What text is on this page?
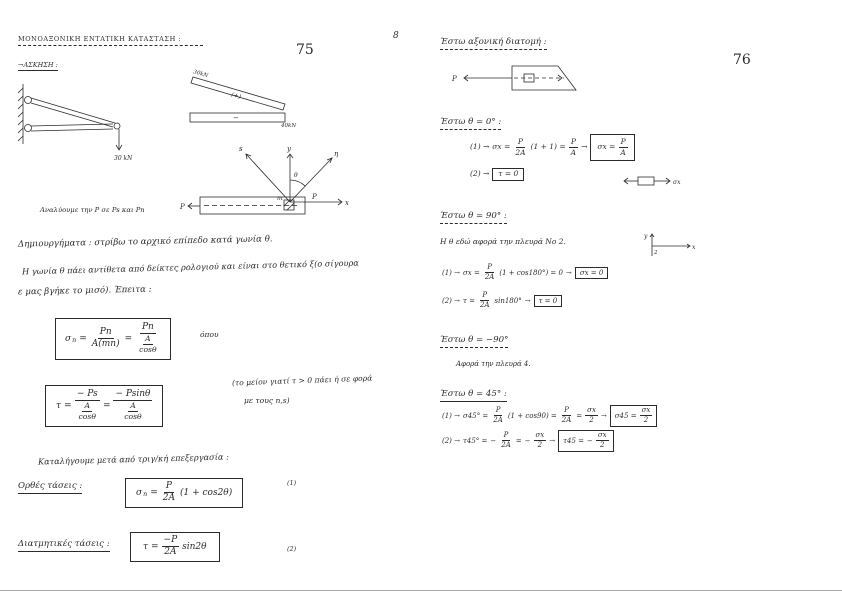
ΜΟΝΟΑΞΟΝΙΚΗ ΕΝΤΑΤΙΚΗ ΚΑΤΑΣΤΑΣΗ :
75
8
→ΑΣΚΗΣΗ :
30 kN
30kN
(+)
−
40kN
P	x
P
y
s
η
θ
m
Αναλύουμε την P σε Ps και Pn
Δημιουργήματα : στρίβω το αρχικό επίπεδο κατά γωνία θ.
Η γωνία θ πάει αντίθετα από δείκτες ρολογιού και είναι στο θετικό ξ(ο σίγουρα
ε μας βγήκε το μισό). Έπειτα :
σ $n = \frac{Pn}{A(mn)} = \frac{Pn}{\frac{A}{\cos\theta}}$	όπου
$\tau = \frac{- Ps}{\frac{A}{\cos\theta}} = \frac{- Psin\theta}{\frac{A}{\cos\theta}}$
(το μείον γιατί τ > 0 πάει ή σε φορά
με τους n,s)
Καταλήγουμε μετά από τριγ/κή επεξεργασία :
Ορθές τάσεις :
σ $n = \frac{P}{2A} (1 + \cos 2\theta)$
(1)
Διατμητικές τάσεις :	$\tau = \frac{-P}{2A} \sin 2\theta$	(2)
Έστω αξονική διατομή :
76
P
Έστω θ = 0° :
$(1) \to \sigma x = \frac{P}{2A} (1 + 1) = \frac{P}{A} \to \sigma x = \frac{P}{A}$
(2) →	τ = 0
σx
Έστω θ = 90° :
Η θ εδώ αφορά την πλευρά Νο 2.
y
2
x
$(1) \to \sigma x = \frac{P}{2A} (1 + \cos 180^\circ) = 0$ →	σx = 0
$(2) \to \tau = \frac{P}{2A} \sin 180^\circ$ →	τ = 0
Έστω θ = −90°
Αφορά την πλευρά 4.
Έστω θ = 45° :
$(1) \to \sigma 45^\circ = \frac{P}{2A} (1 + \cos 90) = \frac{P}{2A} = \frac{\sigma x}{2} \to \sigma 45 = \frac{\sigma x}{2}$
(2) → τ45° = − $\frac{P}{2A}$ = − $\frac{\sigma x}{2} \to \tau 45$ = − $\frac{\sigma x}{2}$
